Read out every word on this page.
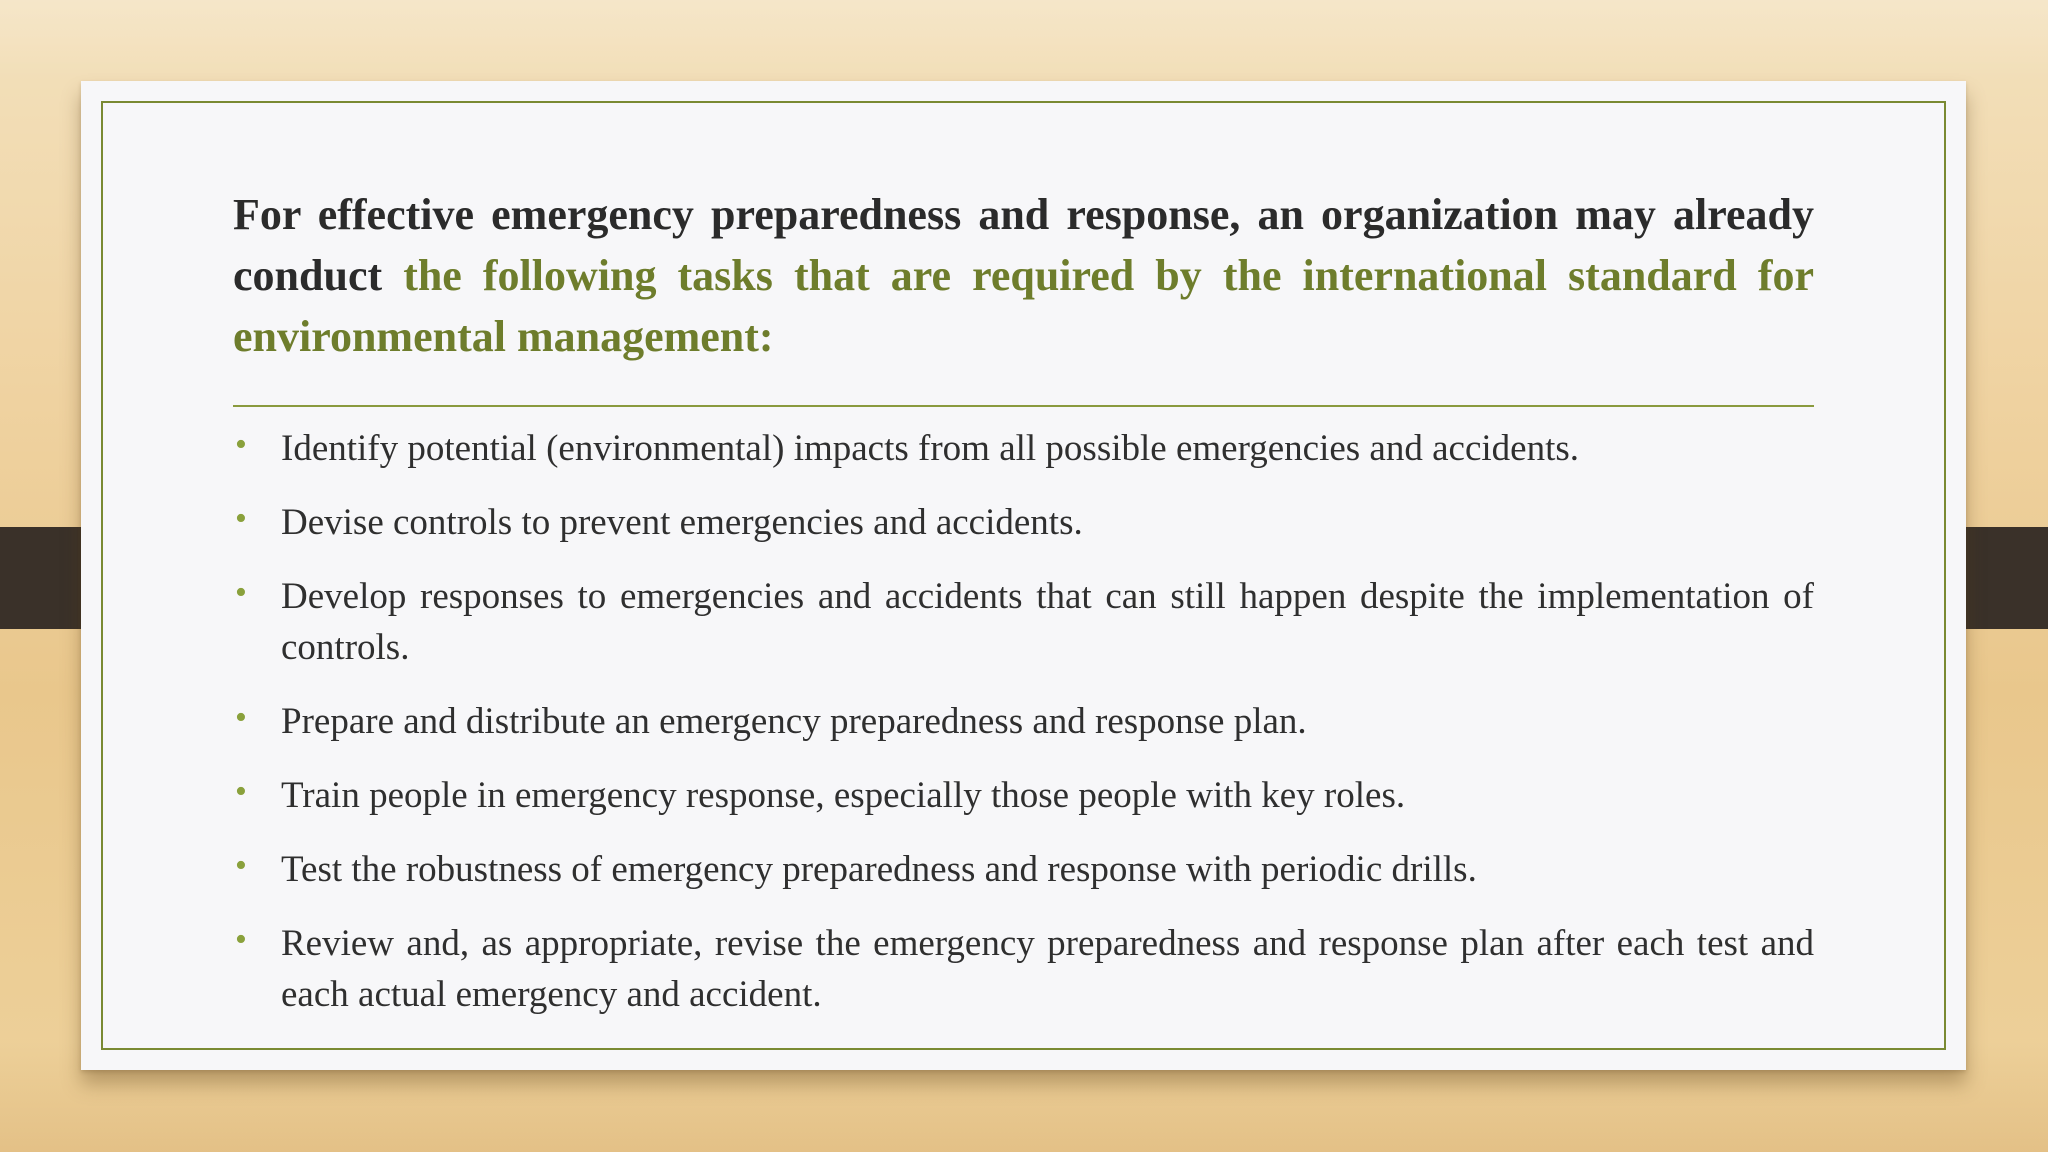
For effective emergency preparedness and response, an organization may already conduct the following tasks that are required by the international standard for environmental management:

• Identify potential (environmental) impacts from all possible emergencies and accidents.
• Devise controls to prevent emergencies and accidents.
• Develop responses to emergencies and accidents that can still happen despite the implementation of controls.
• Prepare and distribute an emergency preparedness and response plan.
• Train people in emergency response, especially those people with key roles.
• Test the robustness of emergency preparedness and response with periodic drills.
• Review and, as appropriate, revise the emergency preparedness and response plan after each test and each actual emergency and accident.
